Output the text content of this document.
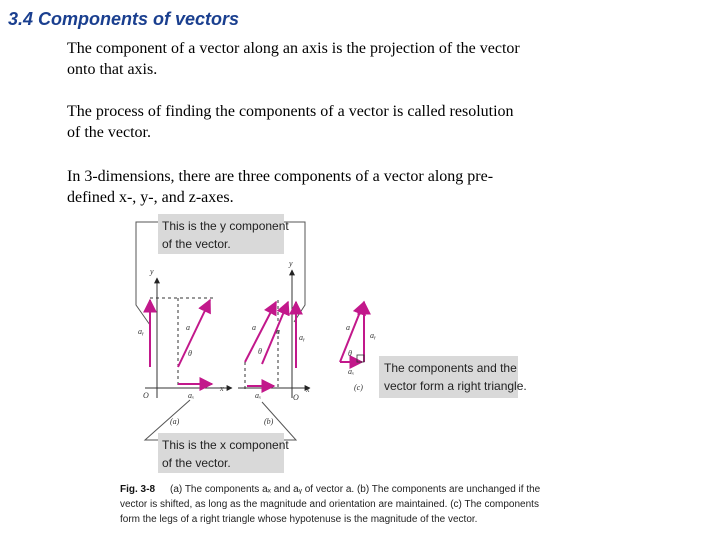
3.4 Components of vectors

The component of a vector along an axis is the projection of the vector
onto that axis.

The process of finding the components of a vector is called resolution
of the vector.

In 3-dimensions, there are three components of a vector along pre-
defined x-, y-, and z-axes.

This is the y component
of the vector.
y
x
O
aᵧ	a
θ
aₓ
(a)
y
x
O
a	a
θ
aᵧ
aₓ
(b)
a
θ
aᵧ
aₓ
(c)
The components and the
vector form a right triangle.
This is the x component
of the vector.
Fig. 3-8 (a) The components aₓ and aᵧ of vector a. (b) The components are unchanged if the
vector is shifted, as long as the magnitude and orientation are maintained. (c) The components
form the legs of a right triangle whose hypotenuse is the magnitude of the vector.
